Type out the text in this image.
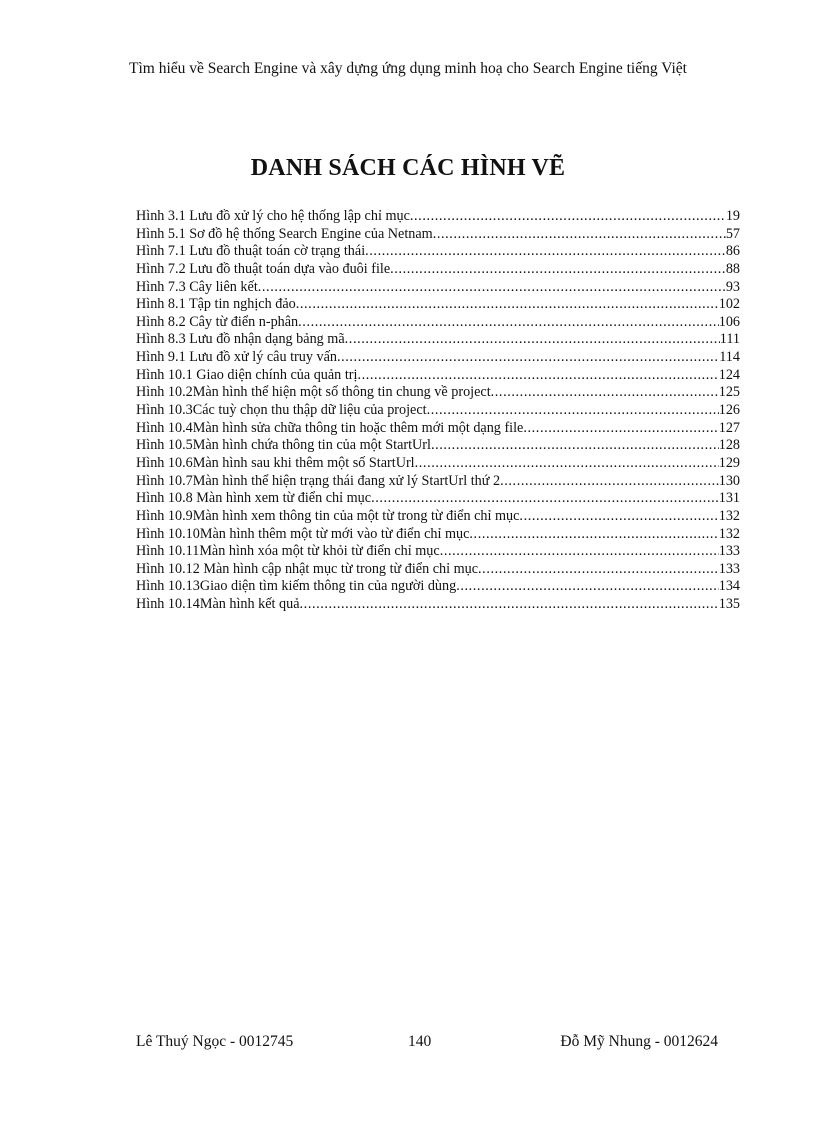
Tìm hiểu về Search Engine và xây dựng ứng dụng minh hoạ cho Search Engine tiếng Việt
DANH SÁCH CÁC HÌNH VẼ
Hình 3.1 Lưu đồ xử lý cho hệ thống lập chỉ mục .....	19
Hình 5.1 Sơ đồ hệ thống Search Engine của Netnam .....	57
Hình 7.1 Lưu đồ thuật toán cờ trạng thái .....	86
Hình 7.2 Lưu đồ thuật toán dựa vào đuôi file .....	88
Hình 7.3 Cây liên kết .....	93
Hình 8.1 Tập tin nghịch đảo .....	102
Hình 8.2 Cây từ điển n-phân .....	106
Hình 8.3 Lưu đồ nhận dạng bảng mã .....	111
Hình 9.1 Lưu đồ xử lý câu truy vấn .....	114
Hình 10.1 Giao diện chính của quản trị .....	124
Hình 10.2Màn hình thể hiện một số thông tin chung về project .....	125
Hình 10.3Các tuỳ chọn thu thập dữ liệu của project .....	126
Hình 10.4Màn hình sửa chữa thông tin hoặc thêm mới một dạng file .....	127
Hình 10.5Màn hình chứa thông tin của một StartUrl .....	128
Hình 10.6Màn hình sau khi thêm một số StartUrl .....	129
Hình 10.7Màn hình thể hiện trạng thái đang xử lý StartUrl thứ 2 .....	130
Hình 10.8 Màn hình xem từ điển chỉ mục .....	131
Hình 10.9Màn hình xem thông tin của một từ trong từ điển chỉ mục .....	132
Hình 10.10Màn hình thêm một từ mới vào từ điển chỉ mục .....	132
Hình 10.11Màn hình xóa một từ khỏi từ điển chỉ mục .....	133
Hình 10.12 Màn hình cập nhật mục từ trong từ điển chỉ mục .....	133
Hình 10.13Giao diện tìm kiếm thông tin của người dùng .....	134
Hình 10.14Màn hình kết quả .....	135
Lê Thuý Ngọc - 0012745	140	Đỗ Mỹ Nhung - 0012624
